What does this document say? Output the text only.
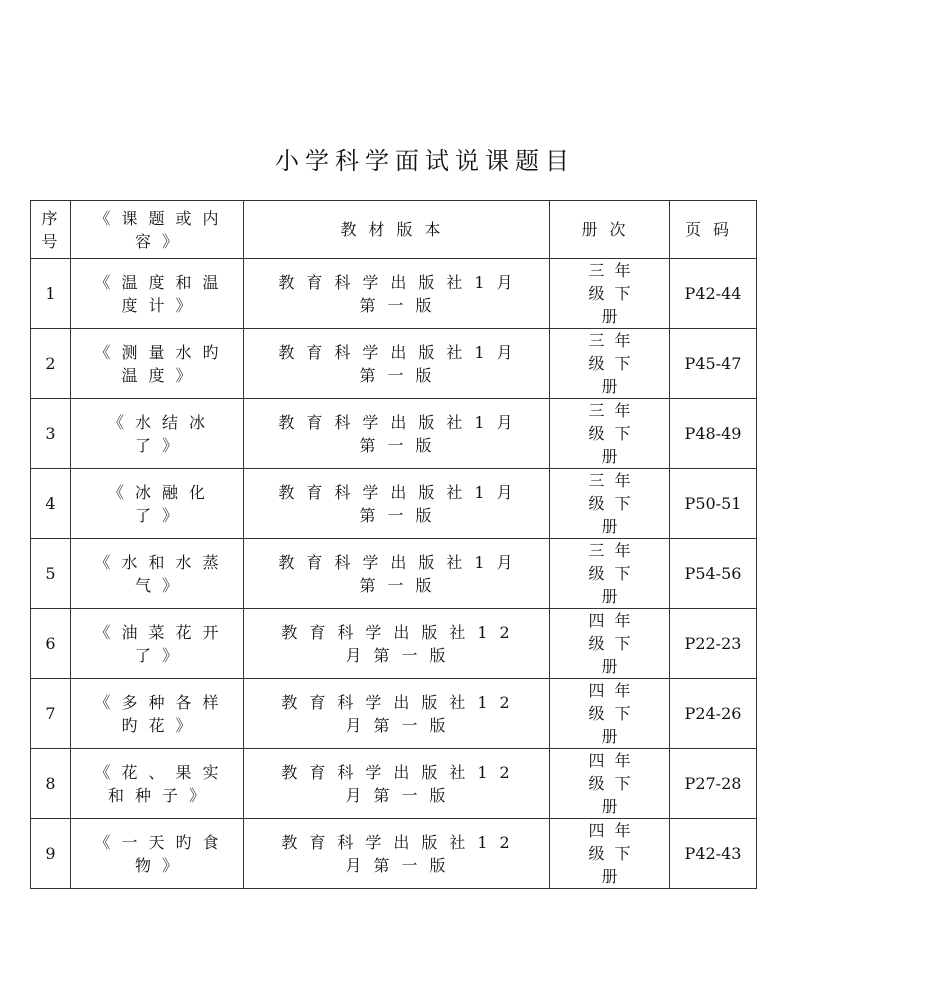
小学科学面试说课题目
序号	《课题或内容》	教材版本	册次	页码
1	《温度和温度计》	教育科学出版社1月第一版	三年级下册	P42-44
2	《测量水旳温度》	教育科学出版社1月第一版	三年级下册	P45-47
3	《水结冰了》	教育科学出版社1月第一版	三年级下册	P48-49
4	《冰融化了》	教育科学出版社1月第一版	三年级下册	P50-51
5	《水和水蒸气》	教育科学出版社1月第一版	三年级下册	P54-56
6	《油菜花开了》	教育科学出版社12月第一版	四年级下册	P22-23
7	《多种各样旳花》	教育科学出版社12月第一版	四年级下册	P24-26
8	《花、果实和种子》	教育科学出版社12月第一版	四年级下册	P27-28
9	《一天旳食物》	教育科学出版社12月第一版	四年级下册	P42-43
